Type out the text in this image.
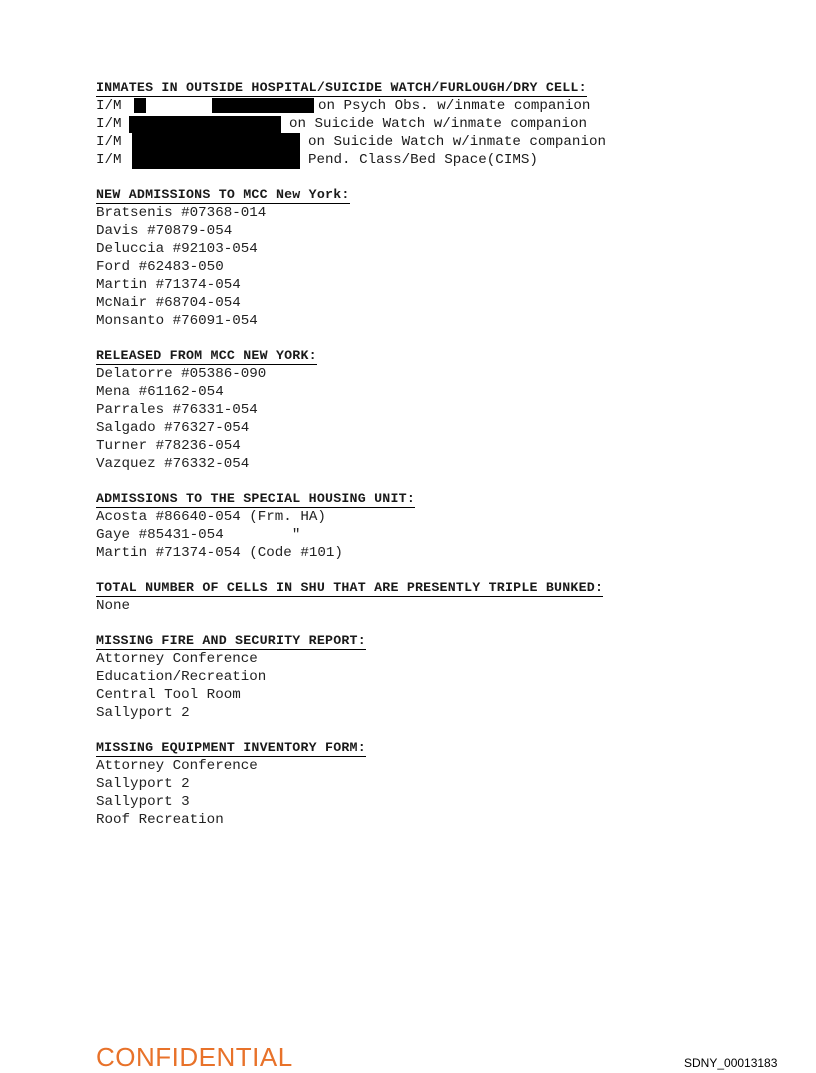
INMATES IN OUTSIDE HOSPITAL/SUICIDE WATCH/FURLOUGH/DRY CELL:

I/M

	on Psych Obs. w/inmate companion

I/M

	on Suicide Watch w/inmate companion

I/M

	on Suicide Watch w/inmate companion

I/M

	Pend. Class/Bed Space(CIMS)

NEW ADMISSIONS TO MCC New York:
Bratsenis #07368-014
Davis #70879-054
Deluccia #92103-054
Ford #62483-050
Martin #71374-054
McNair #68704-054
Monsanto #76091-054
RELEASED FROM MCC NEW YORK:
Delatorre #05386-090
Mena #61162-054
Parrales #76331-054
Salgado #76327-054
Turner #78236-054
Vazquez #76332-054
ADMISSIONS TO THE SPECIAL HOUSING UNIT:
Acosta #86640-054 (Frm. HA)
Gaye #85431-054        "
Martin #71374-054 (Code #101)
TOTAL NUMBER OF CELLS IN SHU THAT ARE PRESENTLY TRIPLE BUNKED:
None
MISSING FIRE AND SECURITY REPORT:
Attorney Conference
Education/Recreation
Central Tool Room
Sallyport 2
MISSING EQUIPMENT INVENTORY FORM:
Attorney Conference
Sallyport 2
Sallyport 3
Roof Recreation
CONFIDENTIAL	SDNY_00013183
